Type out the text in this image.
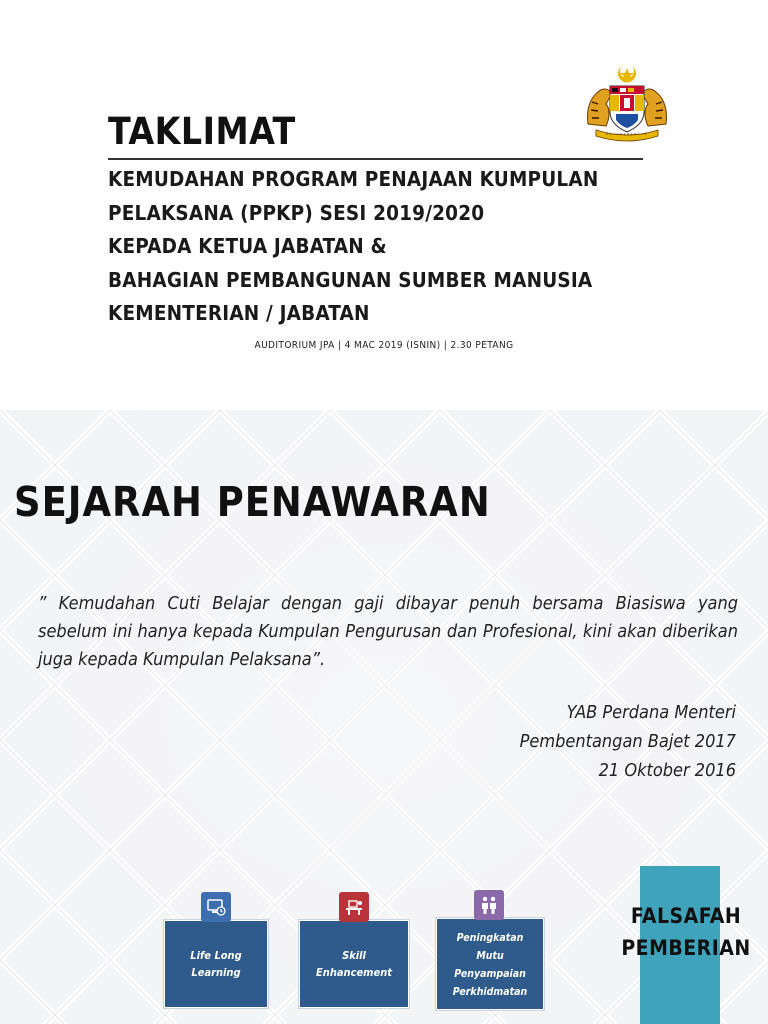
TAKLIMAT
KEMUDAHAN PROGRAM PENAJAAN KUMPULAN
PELAKSANA (PPKP) SESI 2019/2020
KEPADA KETUA JABATAN &
BAHAGIAN PEMBANGUNAN SUMBER MANUSIA
KEMENTERIAN / JABATAN
AUDITORIUM JPA | 4 MAC 2019 (ISNIN) | 2.30 PETANG
SEJARAH PENAWARAN
” Kemudahan Cuti Belajar dengan gaji dibayar penuh bersama Biasiswa yang sebelum ini hanya kepada Kumpulan Pengurusan dan Profesional, kini akan diberikan juga kepada Kumpulan Pelaksana”.
YAB Perdana Menteri
Pembentangan Bajet 2017
21 Oktober 2016
FALSAFAH
PEMBERIAN
Life Long
Learning
Skill
Enhancement
Peningkatan
Mutu
Penyampaian
Perkhidmatan
